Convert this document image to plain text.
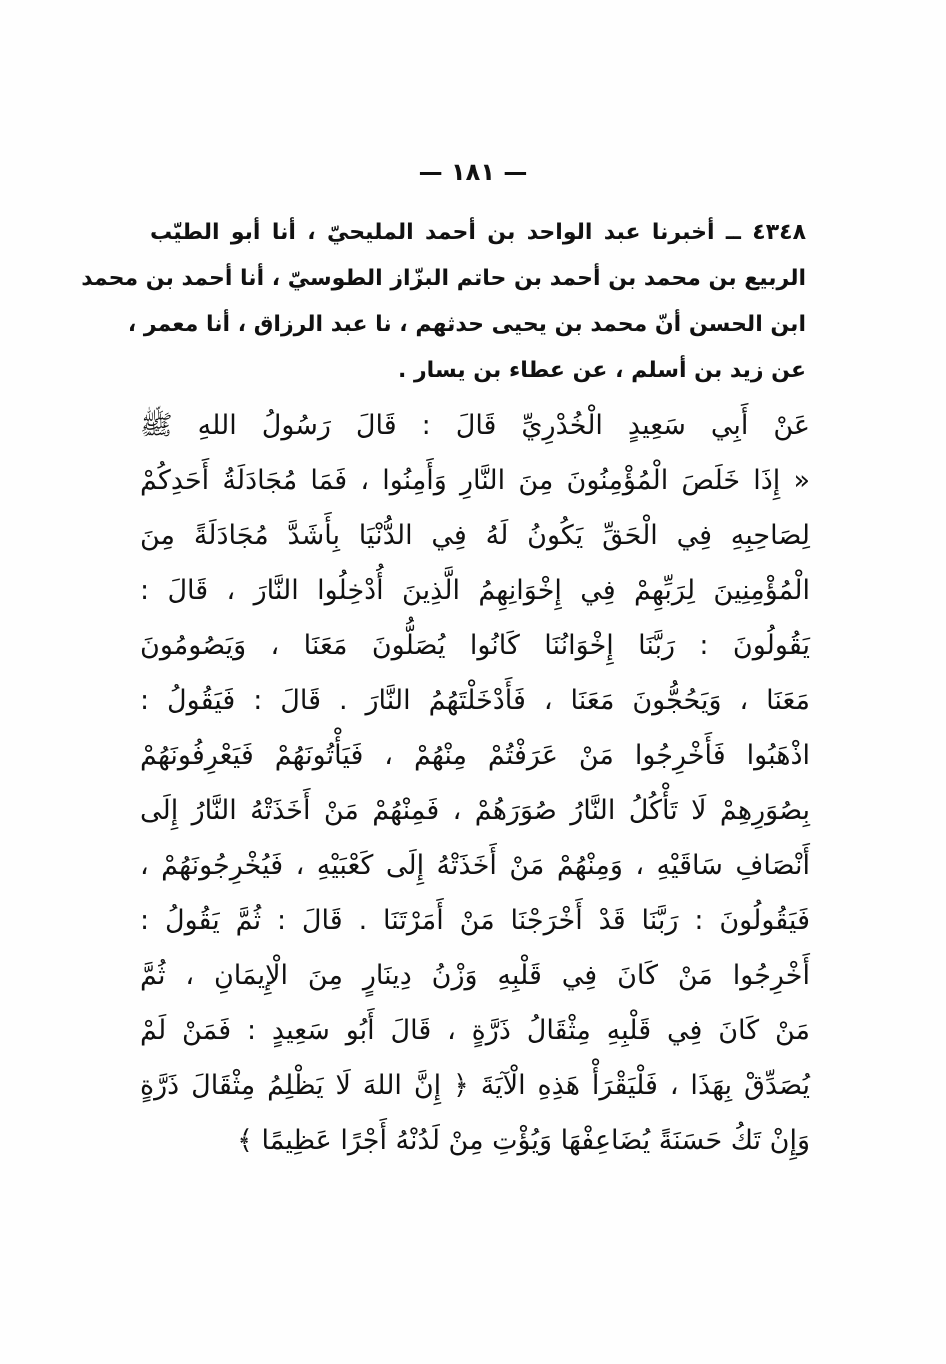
— ١٨١ —
٤٣٤٨ ــ أخبرنا عبد الواحد بن أحمد المليحيّ ، أنا أبو الطيّب
الربيع بن محمد بن أحمد بن حاتم البزّاز الطوسيّ ، أنا أحمد بن محمد
ابن الحسن أنّ محمد بن يحيى حدثهم ، نا عبد الرزاق ، أنا معمر ،
عن زيد بن أسلم ، عن عطاء بن يسار .
عَنْ أَبِي سَعِيدٍ الْخُدْرِيِّ قَالَ : قَالَ رَسُولُ اللهِ ﷺ
« إِذَا خَلَصَ الْمُؤْمِنُونَ مِنَ النَّارِ وَأَمِنُوا ، فَمَا مُجَادَلَةُ أَحَدِكُمْ
لِصَاحِبِهِ فِي الْحَقِّ يَكُونُ لَهُ فِي الدُّنْيَا بِأَشَدَّ مُجَادَلَةً مِنَ
الْمُؤْمِنِينَ لِرَبِّهِمْ فِي إِخْوَانِهِمُ الَّذِينَ أُدْخِلُوا النَّارَ ، قَالَ :
يَقُولُونَ : رَبَّنَا إِخْوَانُنَا كَانُوا يُصَلُّونَ مَعَنَا ، وَيَصُومُونَ
مَعَنَا ، وَيَحُجُّونَ مَعَنَا ، فَأَدْخَلْتَهُمُ النَّارَ . قَالَ : فَيَقُولُ :
اذْهَبُوا فَأَخْرِجُوا مَنْ عَرَفْتُمْ مِنْهُمْ ، فَيَأْتُونَهُمْ فَيَعْرِفُونَهُمْ
بِصُوَرِهِمْ لَا تَأْكُلُ النَّارُ صُوَرَهُمْ ، فَمِنْهُمْ مَنْ أَخَذَتْهُ النَّارُ إِلَى
أَنْصَافِ سَاقَيْهِ ، وَمِنْهُمْ مَنْ أَخَذَتْهُ إِلَى كَعْبَيْهِ ، فَيُخْرِجُونَهُمْ ،
فَيَقُولُونَ : رَبَّنَا قَدْ أَخْرَجْنَا مَنْ أَمَرْتَنَا . قَالَ : ثُمَّ يَقُولُ :
أَخْرِجُوا مَنْ كَانَ فِي قَلْبِهِ وَزْنُ دِينَارٍ مِنَ الْإِيمَانِ ، ثُمَّ
مَنْ كَانَ فِي قَلْبِهِ مِثْقَالُ ذَرَّةٍ ، قَالَ أَبُو سَعِيدٍ : فَمَنْ لَمْ
يُصَدِّقْ بِهَذَا ، فَلْيَقْرَأْ هَذِهِ الْآيَةَ ﴿ إِنَّ اللهَ لَا يَظْلِمُ مِثْقَالَ ذَرَّةٍ
وَإِنْ تَكُ حَسَنَةً يُضَاعِفْهَا وَيُؤْتِ مِنْ لَدُنْهُ أَجْرًا عَظِيمًا ﴾
